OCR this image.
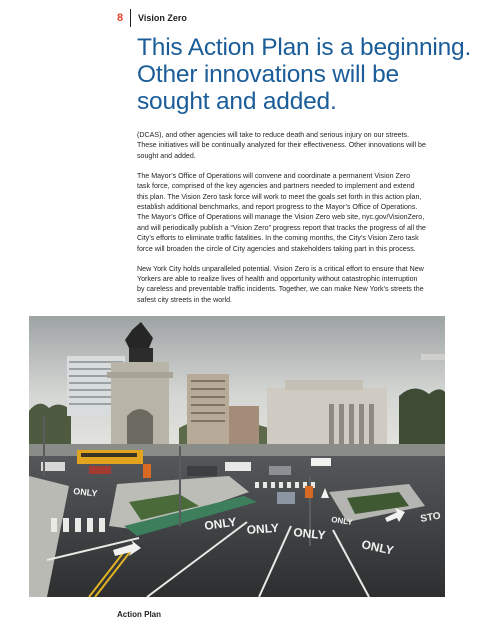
8 Vision Zero
This Action Plan is a beginning.
Other innovations will be
sought and added.

(DCAS), and other agencies will take to reduce death and serious injury on our streets.
These initiatives will be continually analyzed for their effectiveness. Other innovations will be
sought and added.

The Mayor’s Office of Operations will convene and coordinate a permanent Vision Zero
task force, comprised of the key agencies and partners needed to implement and extend
this plan. The Vision Zero task force will work to meet the goals set forth in this action plan,
establish additional benchmarks, and report progress to the Mayor’s Office of Operations.
The Mayor’s Office of Operations will manage the Vision Zero web site, nyc.gov/VisionZero,
and will periodically publish a “Vision Zero” progress report that tracks the progress of all the
City’s efforts to eliminate traffic fatalities. In the coming months, the City’s Vision Zero task
force will broaden the circle of City agencies and stakeholders taking part in this process.

New York City holds unparalleled potential. Vision Zero is a critical effort to ensure that New
Yorkers are able to realize lives of health and opportunity without catastrophic interruption
by careless and preventable traffic incidents. Together, we can make New York’s streets the
safest city streets in the world.

ONLY
ONLY ONLY ONLY
ONLY
ONLY	STO
Action Plan
